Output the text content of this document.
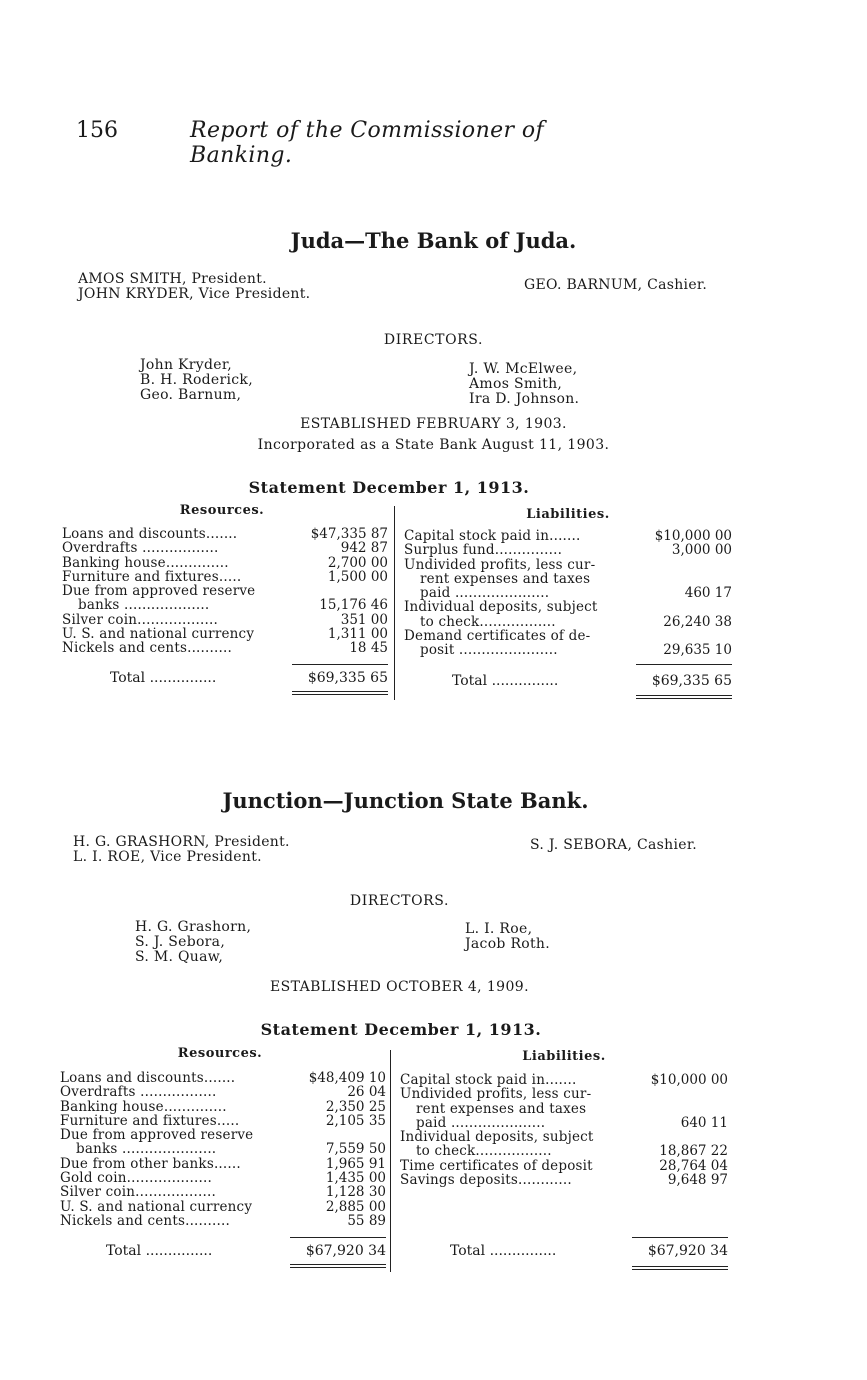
156	Report of the Commissioner of Banking.
Juda—The Bank of Juda.
AMOS SMITH, President.
JOHN KRYDER, Vice President.
GEO. BARNUM, Cashier.
DIRECTORS.
John Kryder,
B. H. Roderick,
Geo. Barnum,
J. W. McElwee,
Amos Smith,
Ira D. Johnson.
ESTABLISHED FEBRUARY 3, 1903.
Incorporated as a State Bank August 11, 1903.
Statement December 1, 1913.
Resources.	Liabilities.
Loans and discounts.......	$47,335 87
Overdrafts .................	942 87
Banking house..............	2,700 00
Furniture and fixtures.....	1,500 00
Due from approved reserve
banks ...................	15,176 46
Silver coin..................	351 00
U. S. and national currency	1,311 00
Nickels and cents..........	18 45
Capital stock paid in.......	$10,000 00
Surplus fund...............	3,000 00
Undivided profits, less cur-
rent expenses and taxes
paid .....................	460 17
Individual deposits, subject
to check.................	26,240 38
Demand certificates of de-
posit ......................	29,635 10
Total ...............	$69,335 65	Total ...............	$69,335 65
Junction—Junction State Bank.
H. G. GRASHORN, President.
L. I. ROE, Vice President.
S. J. SEBORA, Cashier.
DIRECTORS.
H. G. Grashorn,
S. J. Sebora,
S. M. Quaw,
L. I. Roe,
Jacob Roth.
ESTABLISHED OCTOBER 4, 1909.
Statement December 1, 1913.
Resources.	Liabilities.
Loans and discounts.......	$48,409 10
Overdrafts .................	26 04
Banking house..............	2,350 25
Furniture and fixtures.....	2,105 35
Due from approved reserve
banks .....................	7,559 50
Due from other banks......	1,965 91
Gold coin...................	1,435 00
Silver coin..................	1,128 30
U. S. and national currency	2,885 00
Nickels and cents..........	55 89
Capital stock paid in.......	$10,000 00
Undivided profits, less cur-
rent expenses and taxes
paid .....................	640 11
Individual deposits, subject
to check.................	18,867 22
Time certificates of deposit	28,764 04
Savings deposits............	9,648 97
Total ...............	$67,920 34	Total ...............	$67,920 34
